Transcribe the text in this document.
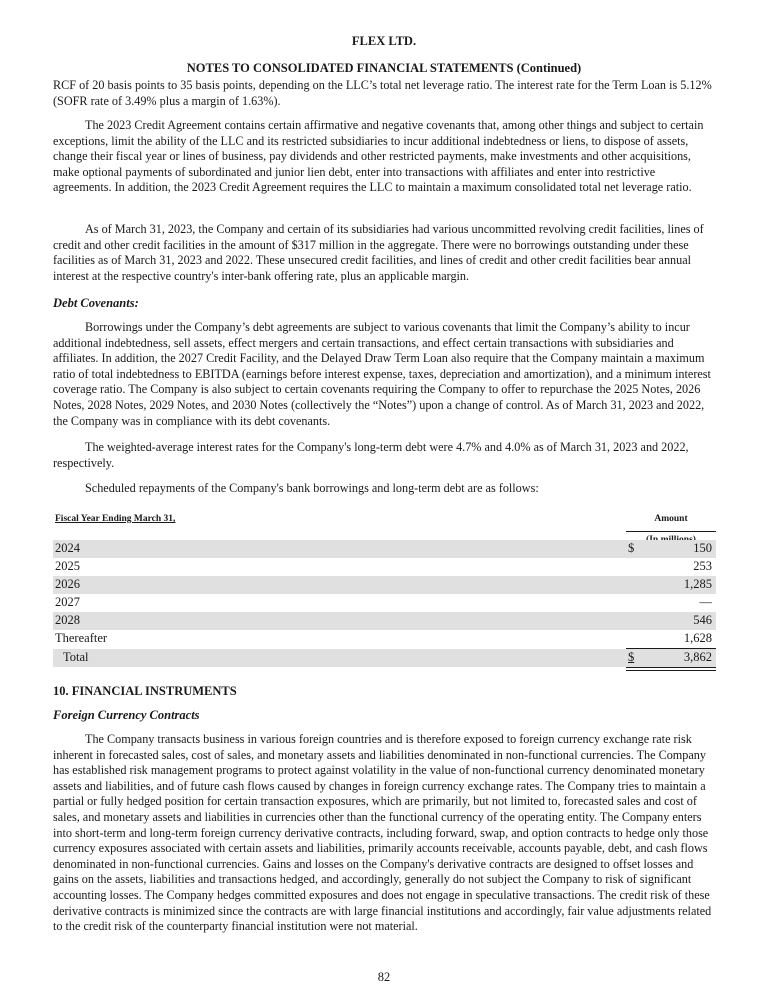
FLEX LTD.
NOTES TO CONSOLIDATED FINANCIAL STATEMENTS (Continued)
RCF of 20 basis points to 35 basis points, depending on the LLC’s total net leverage ratio. The interest rate for the Term Loan is 5.12% (SOFR rate of 3.49% plus a margin of 1.63%).
The 2023 Credit Agreement contains certain affirmative and negative covenants that, among other things and subject to certain exceptions, limit the ability of the LLC and its restricted subsidiaries to incur additional indebtedness or liens, to dispose of assets, change their fiscal year or lines of business, pay dividends and other restricted payments, make investments and other acquisitions, make optional payments of subordinated and junior lien debt, enter into transactions with affiliates and enter into restrictive agreements. In addition, the 2023 Credit Agreement requires the LLC to maintain a maximum consolidated total net leverage ratio.
As of March 31, 2023, the Company and certain of its subsidiaries had various uncommitted revolving credit facilities, lines of credit and other credit facilities in the amount of $317 million in the aggregate. There were no borrowings outstanding under these facilities as of March 31, 2023 and 2022. These unsecured credit facilities, and lines of credit and other credit facilities bear annual interest at the respective country's inter-bank offering rate, plus an applicable margin.
Debt Covenants:
Borrowings under the Company’s debt agreements are subject to various covenants that limit the Company’s ability to incur additional indebtedness, sell assets, effect mergers and certain transactions, and effect certain transactions with subsidiaries and affiliates. In addition, the 2027 Credit Facility, and the Delayed Draw Term Loan also require that the Company maintain a maximum ratio of total indebtedness to EBITDA (earnings before interest expense, taxes, depreciation and amortization), and a minimum interest coverage ratio. The Company is also subject to certain covenants requiring the Company to offer to repurchase the 2025 Notes, 2026 Notes, 2028 Notes, 2029 Notes, and 2030 Notes (collectively the “Notes”) upon a change of control. As of March 31, 2023 and 2022, the Company was in compliance with its debt covenants.
The weighted-average interest rates for the Company's long-term debt were 4.7% and 4.0% as of March 31, 2023 and 2022, respectively.
Scheduled repayments of the Company's bank borrowings and long-term debt are as follows:
Fiscal Year Ending March 31,	Amount
2024	$	150
2025	253
2026	1,285
2027	—
2028	546
Thereafter	1,628
Total	$	3,862
10. FINANCIAL INSTRUMENTS
Foreign Currency Contracts
The Company transacts business in various foreign countries and is therefore exposed to foreign currency exchange rate risk inherent in forecasted sales, cost of sales, and monetary assets and liabilities denominated in non-functional currencies. The Company has established risk management programs to protect against volatility in the value of non-functional currency denominated monetary assets and liabilities, and of future cash flows caused by changes in foreign currency exchange rates. The Company tries to maintain a partial or fully hedged position for certain transaction exposures, which are primarily, but not limited to, forecasted sales and cost of sales, and monetary assets and liabilities in currencies other than the functional currency of the operating entity. The Company enters into short-term and long-term foreign currency derivative contracts, including forward, swap, and option contracts to hedge only those currency exposures associated with certain assets and liabilities, primarily accounts receivable, accounts payable, debt, and cash flows denominated in non-functional currencies. Gains and losses on the Company's derivative contracts are designed to offset losses and gains on the assets, liabilities and transactions hedged, and accordingly, generally do not subject the Company to risk of significant accounting losses. The Company hedges committed exposures and does not engage in speculative transactions. The credit risk of these derivative contracts is minimized since the contracts are with large financial institutions and accordingly, fair value adjustments related to the credit risk of the counterparty financial institution were not material.
82
